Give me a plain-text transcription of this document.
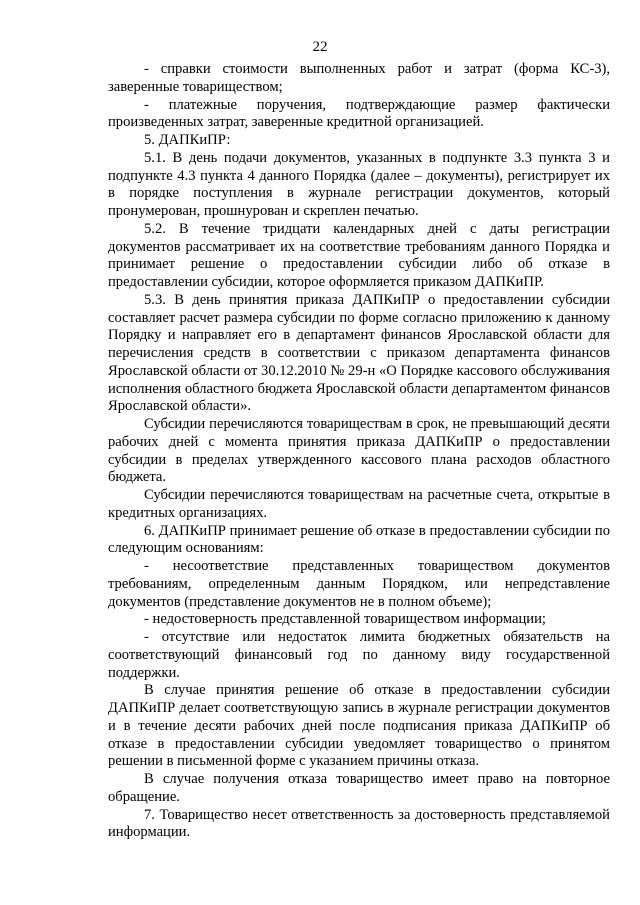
22

- справки стоимости выполненных работ и затрат (форма КС-3), заверенные товариществом;

- платежные поручения, подтверждающие размер фактически произведенных затрат, заверенные кредитной организацией.

5. ДАПКиПР:

5.1. В день подачи документов, указанных в подпункте 3.3 пункта 3 и подпункте 4.3 пункта 4 данного Порядка (далее – документы), регистрирует их в порядке поступления в журнале регистрации документов, который пронумерован, прошнурован и скреплен печатью.

5.2. В течение тридцати календарных дней с даты регистрации документов рассматривает их на соответствие требованиям данного Порядка и принимает решение о предоставлении субсидии либо об отказе в предоставлении субсидии, которое оформляется приказом ДАПКиПР.

5.3. В день принятия приказа ДАПКиПР о предоставлении субсидии составляет расчет размера субсидии по форме согласно приложению к данному Порядку и направляет его в департамент финансов Ярославской области для перечисления средств в соответствии с приказом департамента финансов Ярославской области от 30.12.2010 № 29-н «О Порядке кассового обслуживания исполнения областного бюджета Ярославской области департаментом финансов Ярославской области».

Субсидии перечисляются товариществам в срок, не превышающий десяти рабочих дней с момента принятия приказа ДАПКиПР о предоставлении субсидии в пределах утвержденного кассового плана расходов областного бюджета.

Субсидии перечисляются товариществам на расчетные счета, открытые в кредитных организациях.

6. ДАПКиПР принимает решение об отказе в предоставлении субсидии по следующим основаниям:

- несоответствие представленных товариществом документов требованиям, определенным данным Порядком, или непредставление документов (представление документов не в полном объеме);

- недостоверность представленной товариществом информации;

- отсутствие или недостаток лимита бюджетных обязательств на соответствующий финансовый год по данному виду государственной поддержки.

В случае принятия решение об отказе в предоставлении субсидии ДАПКиПР делает соответствующую запись в журнале регистрации документов и в течение десяти рабочих дней после подписания приказа ДАПКиПР об отказе в предоставлении субсидии уведомляет товарищество о принятом решении в письменной форме с указанием причины отказа.

В случае получения отказа товарищество имеет право на повторное обращение.

7. Товарищество несет ответственность за достоверность представляемой информации.
